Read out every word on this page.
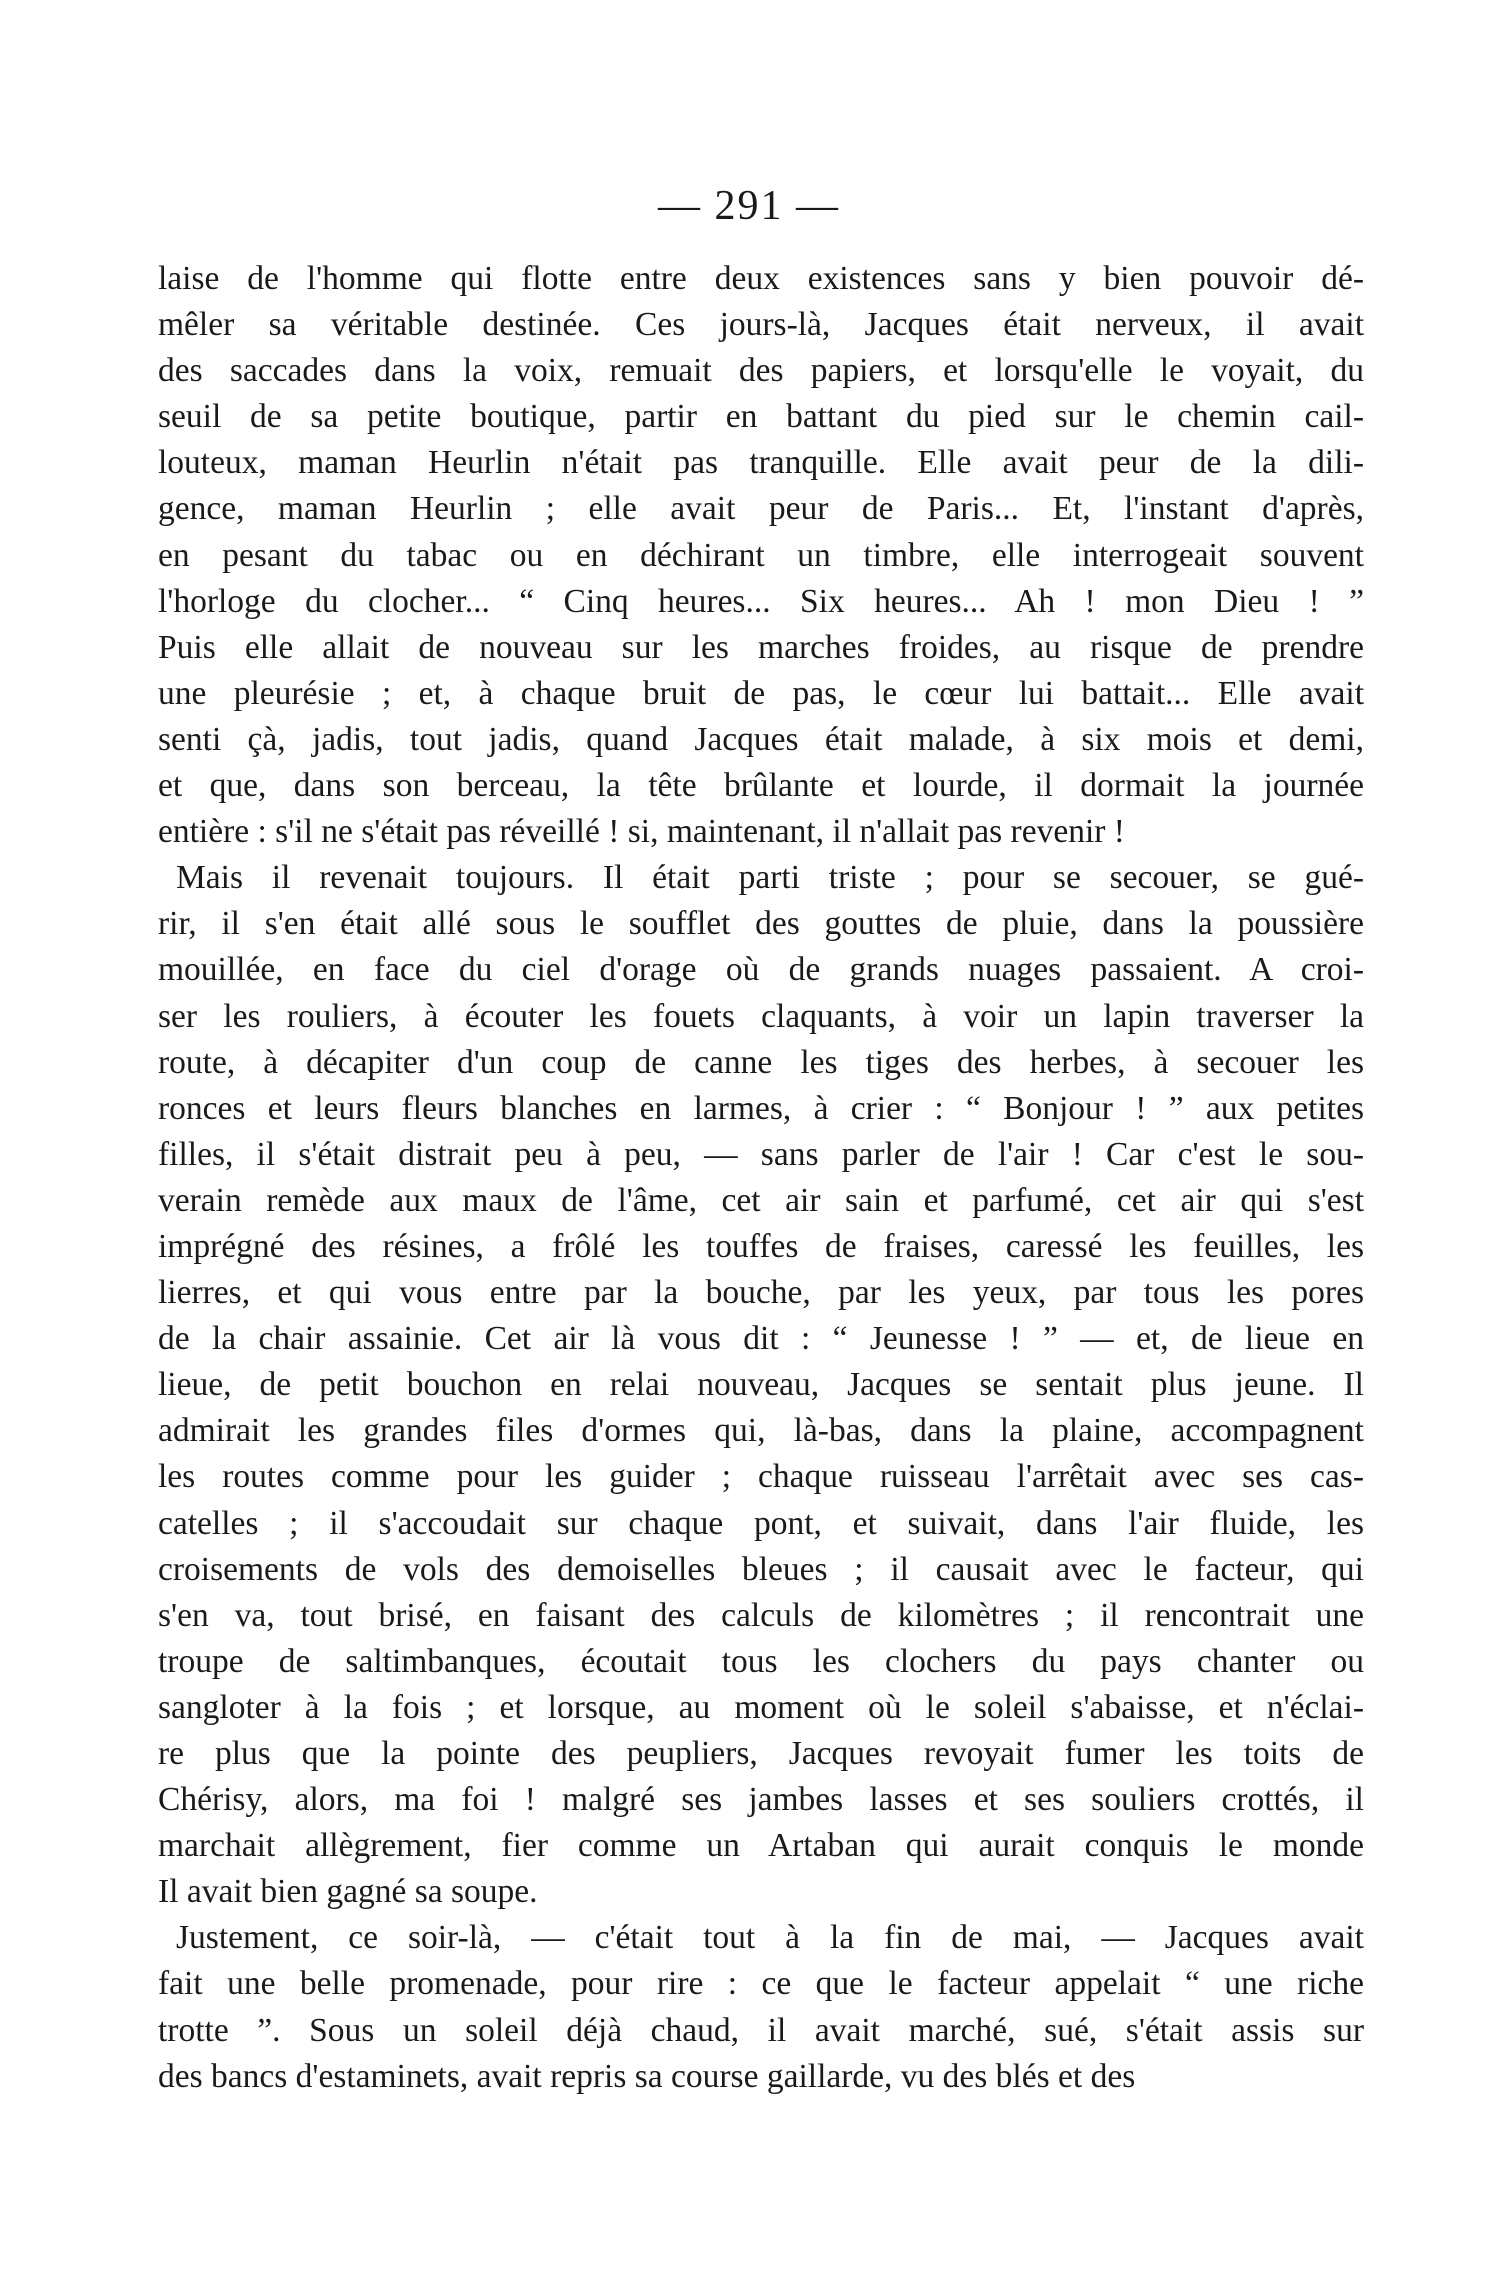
— 291 —
laise de l'homme qui flotte entre deux existences sans y bien pouvoir dé-
mêler sa véritable destinée. Ces jours-là, Jacques était nerveux, il avait
des saccades dans la voix, remuait des papiers, et lorsqu'elle le voyait, du
seuil de sa petite boutique, partir en battant du pied sur le chemin cail-
louteux, maman Heurlin n'était pas tranquille. Elle avait peur de la dili-
gence, maman Heurlin ; elle avait peur de Paris... Et, l'instant d'après,
en pesant du tabac ou en déchirant un timbre, elle interrogeait souvent
l'horloge du clocher... “ Cinq heures... Six heures... Ah ! mon Dieu ! ”
Puis elle allait de nouveau sur les marches froides, au risque de prendre
une pleurésie ; et, à chaque bruit de pas, le cœur lui battait... Elle avait
senti çà, jadis, tout jadis, quand Jacques était malade, à six mois et demi,
et que, dans son berceau, la tête brûlante et lourde, il dormait la journée
entière : s'il ne s'était pas réveillé ! si, maintenant, il n'allait pas revenir !
Mais il revenait toujours. Il était parti triste ; pour se secouer, se gué-
rir, il s'en était allé sous le soufflet des gouttes de pluie, dans la poussière
mouillée, en face du ciel d'orage où de grands nuages passaient. A croi-
ser les rouliers, à écouter les fouets claquants, à voir un lapin traverser la
route, à décapiter d'un coup de canne les tiges des herbes, à secouer les
ronces et leurs fleurs blanches en larmes, à crier : “ Bonjour ! ” aux petites
filles, il s'était distrait peu à peu, — sans parler de l'air ! Car c'est le sou-
verain remède aux maux de l'âme, cet air sain et parfumé, cet air qui s'est
imprégné des résines, a frôlé les touffes de fraises, caressé les feuilles, les
lierres, et qui vous entre par la bouche, par les yeux, par tous les pores
de la chair assainie. Cet air là vous dit : “ Jeunesse ! ” — et, de lieue en
lieue, de petit bouchon en relai nouveau, Jacques se sentait plus jeune. Il
admirait les grandes files d'ormes qui, là-bas, dans la plaine, accompagnent
les routes comme pour les guider ; chaque ruisseau l'arrêtait avec ses cas-
catelles ; il s'accoudait sur chaque pont, et suivait, dans l'air fluide, les
croisements de vols des demoiselles bleues ; il causait avec le facteur, qui
s'en va, tout brisé, en faisant des calculs de kilomètres ; il rencontrait une
troupe de saltimbanques, écoutait tous les clochers du pays chanter ou
sangloter à la fois ; et lorsque, au moment où le soleil s'abaisse, et n'éclai-
re plus que la pointe des peupliers, Jacques revoyait fumer les toits de
Chérisy, alors, ma foi ! malgré ses jambes lasses et ses souliers crottés, il
marchait allègrement, fier comme un Artaban qui aurait conquis le monde
Il avait bien gagné sa soupe.
Justement, ce soir-là, — c'était tout à la fin de mai, — Jacques avait
fait une belle promenade, pour rire : ce que le facteur appelait “ une riche
trotte ”. Sous un soleil déjà chaud, il avait marché, sué, s'était assis sur
des bancs d'estaminets, avait repris sa course gaillarde, vu des blés et des
